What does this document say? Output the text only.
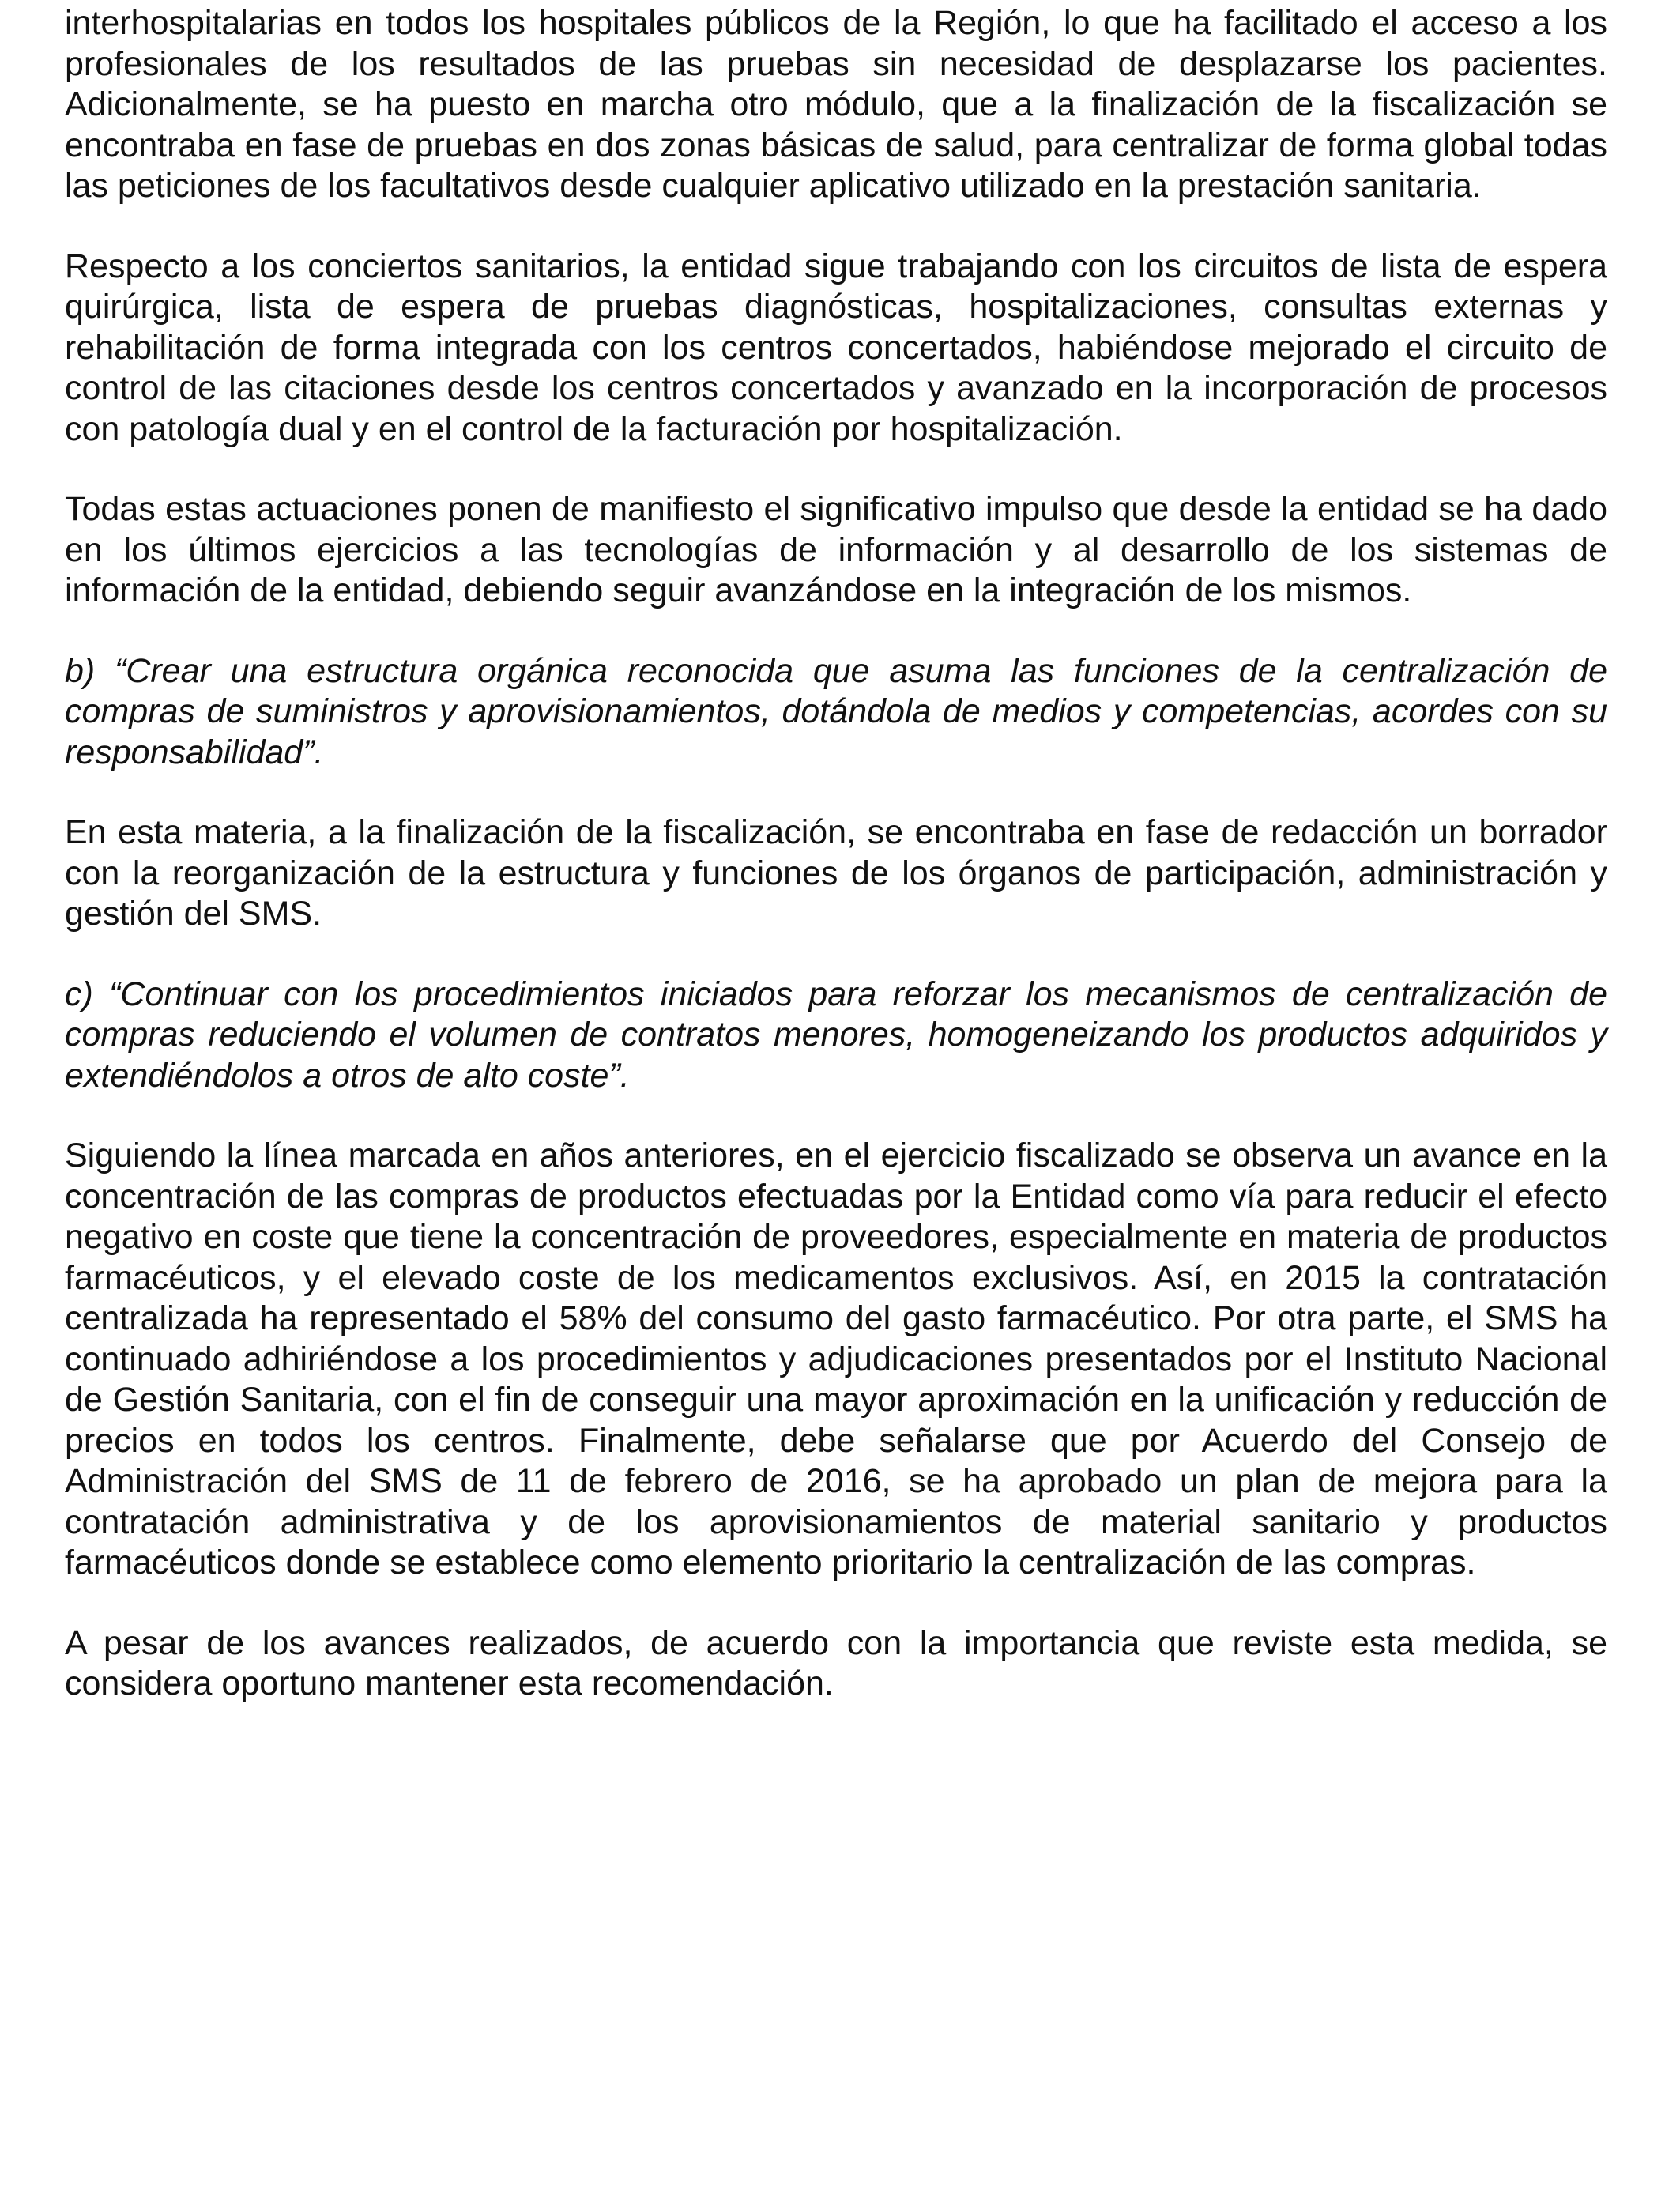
interhospitalarias en todos los hospitales públicos de la Región, lo que ha facilitado el acceso a los profesionales de los resultados de las pruebas sin necesidad de desplazarse los pacientes. Adicionalmente, se ha puesto en marcha otro módulo, que a la finalización de la fiscalización se encontraba en fase de pruebas en dos zonas básicas de salud, para centralizar de forma global todas las peticiones de los facultativos desde cualquier aplicativo utilizado en la prestación sanitaria.

Respecto a los conciertos sanitarios, la entidad sigue trabajando con los circuitos de lista de espera quirúrgica, lista de espera de pruebas diagnósticas, hospitalizaciones, consultas externas y rehabilitación de forma integrada con los centros concertados, habiéndose mejorado el circuito de control de las citaciones desde los centros concertados y avanzado en la incorporación de procesos con patología dual y en el control de la facturación por hospitalización.

Todas estas actuaciones ponen de manifiesto el significativo impulso que desde la entidad se ha dado en los últimos ejercicios a las tecnologías de información y al desarrollo de los sistemas de información de la entidad, debiendo seguir avanzándose en la integración de los mismos.

b) “Crear una estructura orgánica reconocida que asuma las funciones de la centralización de compras de suministros y aprovisionamientos, dotándola de medios y competencias, acordes con su responsabilidad”.

En esta materia, a la finalización de la fiscalización, se encontraba en fase de redacción un borrador con la reorganización de la estructura y funciones de los órganos de participación, administración y gestión del SMS.

c) “Continuar con los procedimientos iniciados para reforzar los mecanismos de centralización de compras reduciendo el volumen de contratos menores, homogeneizando los productos adquiridos y extendiéndolos a otros de alto coste”.

Siguiendo la línea marcada en años anteriores, en el ejercicio fiscalizado se observa un avance en la concentración de las compras de productos efectuadas por la Entidad como vía para reducir el efecto negativo en coste que tiene la concentración de proveedores, especialmente en materia de productos farmacéuticos, y el elevado coste de los medicamentos exclusivos. Así, en 2015 la contratación centralizada ha representado el 58% del consumo del gasto farmacéutico. Por otra parte, el SMS ha continuado adhiriéndose a los procedimientos y adjudicaciones presentados por el Instituto Nacional de Gestión Sanitaria, con el fin de conseguir una mayor aproximación en la unificación y reducción de precios en todos los centros. Finalmente, debe señalarse que por Acuerdo del Consejo de Administración del SMS de 11 de febrero de 2016, se ha aprobado un plan de mejora para la contratación administrativa y de los aprovisionamientos de material sanitario y productos farmacéuticos donde se establece como elemento prioritario la centralización de las compras.

A pesar de los avances realizados, de acuerdo con la importancia que reviste esta medida, se considera oportuno mantener esta recomendación.
